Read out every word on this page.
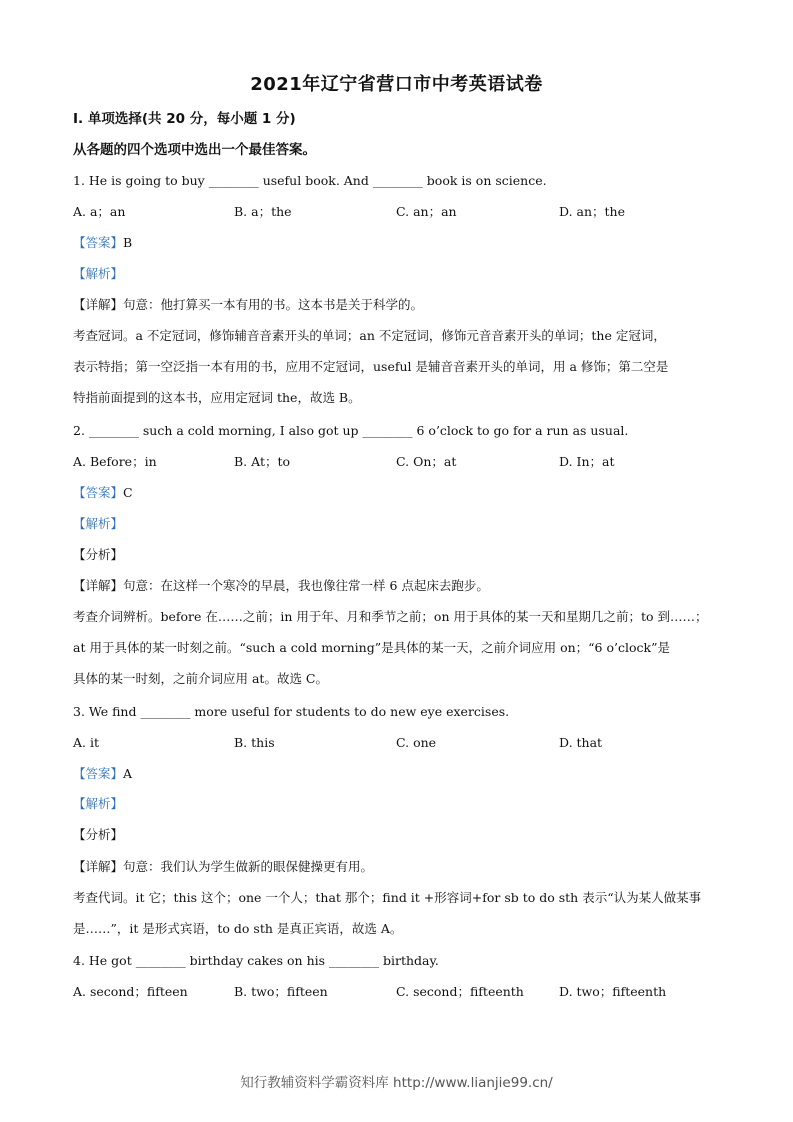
2021年辽宁省营口市中考英语试卷
Ⅰ. 单项选择(共 20 分，每小题 1 分)
从各题的四个选项中选出一个最佳答案。
1. He is going to buy ________ useful book. And ________ book is on science.
A. a；an	B. a；the	C. an；an	D. an；the
【答案】B
【解析】
【详解】句意：他打算买一本有用的书。这本书是关于科学的。
考查冠词。a 不定冠词，修饰辅音音素开头的单词；an 不定冠词，修饰元音音素开头的单词；the 定冠词，
表示特指；第一空泛指一本有用的书，应用不定冠词，useful 是辅音音素开头的单词，用 a 修饰；第二空是
特指前面提到的这本书，应用定冠词 the，故选 B。
2. ________ such a cold morning, I also got up ________ 6 o’clock to go for a run as usual.
A. Before；in	B. At；to	C. On；at	D. In；at
【答案】C
【解析】
【分析】
【详解】句意：在这样一个寒冷的早晨，我也像往常一样 6 点起床去跑步。
考查介词辨析。before 在……之前；in 用于年、月和季节之前；on 用于具体的某一天和星期几之前；to 到……；
at 用于具体的某一时刻之前。“such a cold morning”是具体的某一天，之前介词应用 on；“6 o’clock”是
具体的某一时刻，之前介词应用 at。故选 C。
3. We find ________ more useful for students to do new eye exercises.
A. it	B. this	C. one	D. that
【答案】A
【解析】
【分析】
【详解】句意：我们认为学生做新的眼保健操更有用。
考查代词。it 它；this 这个；one 一个人；that 那个；find it +形容词+for sb to do sth 表示“认为某人做某事
是……”，it 是形式宾语，to do sth 是真正宾语，故选 A。
4. He got ________ birthday cakes on his ________ birthday.
A. second；fifteen	B. two；fifteen	C. second；fifteenth	D. two；fifteenth
知行教辅资料学霸资料库 http://www.lianjie99.cn/
